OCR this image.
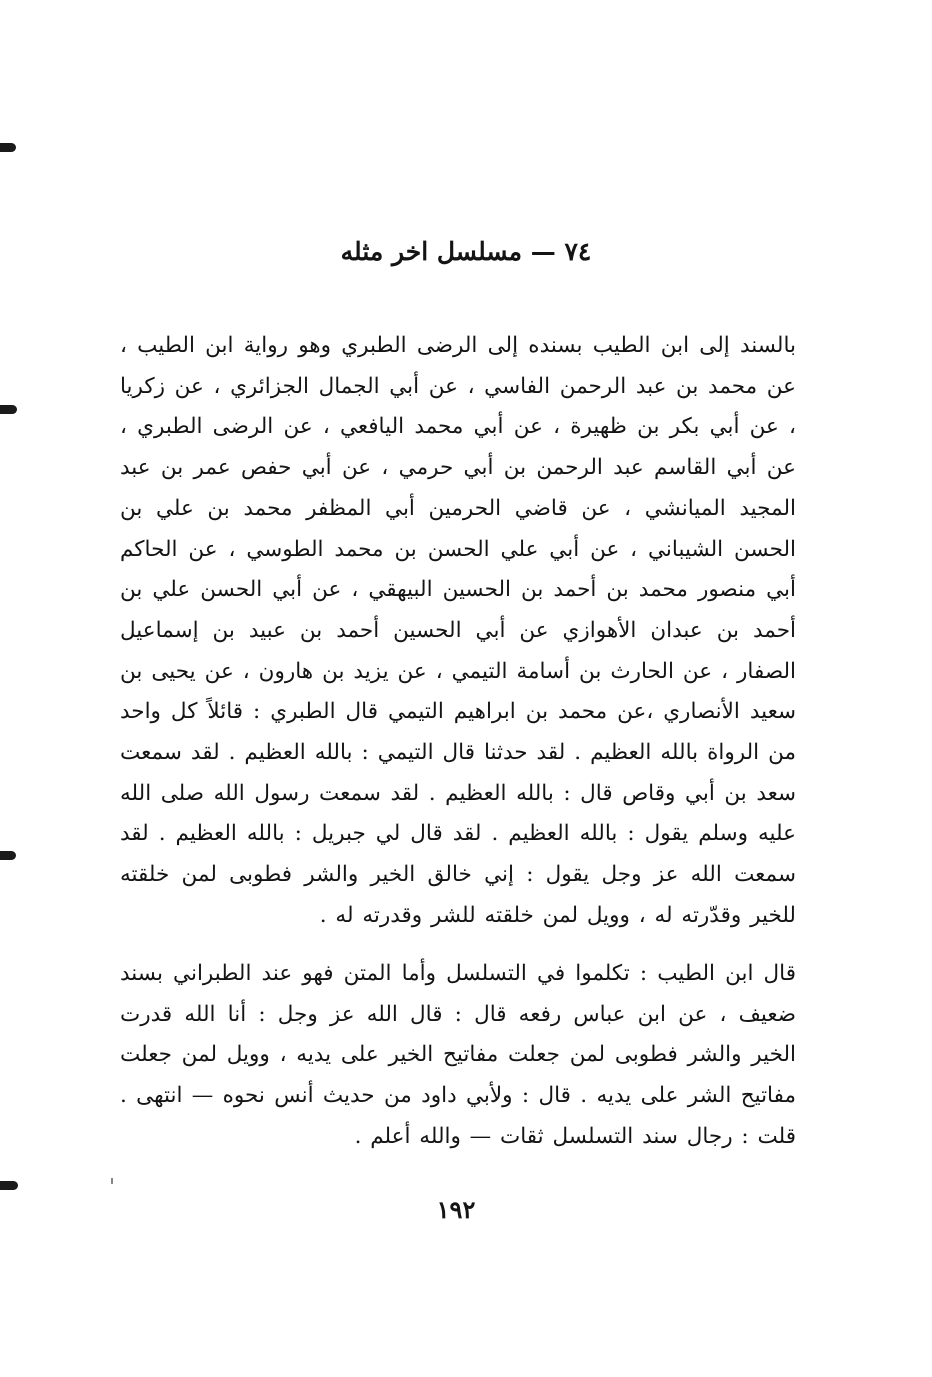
٧٤ — مسلسل اخر مثله
بالسند إلى ابن الطيب بسنده إلى الرضى الطبري وهو رواية ابن الطيب ، عن محمد بن عبد الرحمن الفاسي ، عن أبي الجمال الجزائري ، عن زكريا ، عن أبي بكر بن ظهيرة ، عن أبي محمد اليافعي ، عن الرضى الطبري ، عن أبي القاسم عبد الرحمن بن أبي حرمي ، عن أبي حفص عمر بن عبد المجيد الميانشي ، عن قاضي الحرمين أبي المظفر محمد بن علي بن الحسن الشيباني ، عن أبي علي الحسن بن محمد الطوسي ، عن الحاكم أبي منصور محمد بن أحمد بن الحسين البيهقي ، عن أبي الحسن علي بن أحمد بن عبدان الأهوازي عن أبي الحسين أحمد بن عبيد بن إسماعيل الصفار ، عن الحارث بن أسامة التيمي ، عن يزيد بن هارون ، عن يحيى بن سعيد الأنصاري ،عن محمد بن ابراهيم التيمي قال الطبري : قائلاً كل واحد من الرواة بالله العظيم . لقد حدثنا قال التيمي : بالله العظيم . لقد سمعت سعد بن أبي وقاص قال : بالله العظيم . لقد سمعت رسول الله صلى الله عليه وسلم يقول : بالله العظيم . لقد قال لي جبريل : بالله العظيم . لقد سمعت الله عز وجل يقول : إني خالق الخير والشر فطوبى لمن خلقته للخير وقدّرته له ، وويل لمن خلقته للشر وقدرته له .
قال ابن الطيب : تكلموا في التسلسل وأما المتن فهو عند الطبراني بسند ضعيف ، عن ابن عباس رفعه قال : قال الله عز وجل : أنا الله قدرت الخير والشر فطوبى لمن جعلت مفاتيح الخير على يديه ، وويل لمن جعلت مفاتيح الشر على يديه . قال : ولأبي داود من حديث أنس نحوه — انتهى . قلت : رجال سند التسلسل ثقات — والله أعلم .
١٩٢
